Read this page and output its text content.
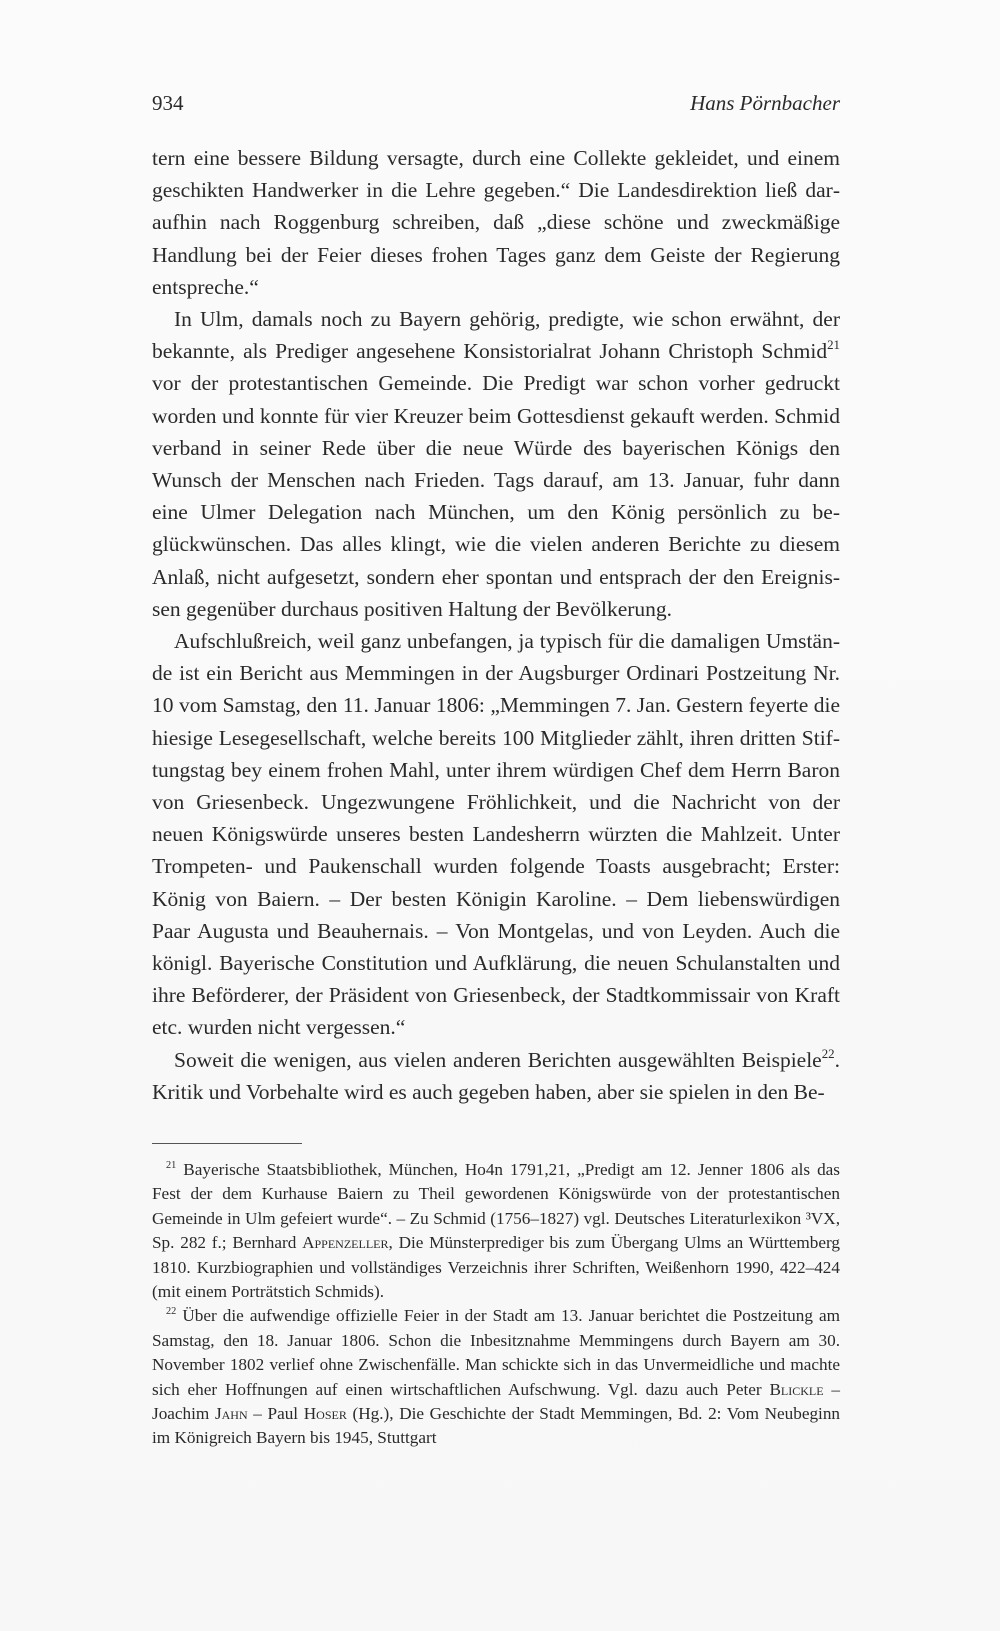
934	Hans Pörnbacher

tern eine bessere Bildung versagte, durch eine Collekte gekleidet, und einem geschikten Handwerker in die Lehre gegeben.“ Die Landesdirektion ließ daraufhin nach Roggenburg schreiben, daß „diese schöne und zweckmäßige Handlung bei der Feier dieses frohen Tages ganz dem Geiste der Regierung entspreche.“

In Ulm, damals noch zu Bayern gehörig, predigte, wie schon erwähnt, der bekannte, als Prediger angesehene Konsistorialrat Johann Christoph Schmid$^{21}$ vor der protestantischen Gemeinde. Die Predigt war schon vorher gedruckt worden und konnte für vier Kreuzer beim Gottesdienst gekauft werden. Schmid verband in seiner Rede über die neue Würde des bayerischen Königs den Wunsch der Menschen nach Frieden. Tags darauf, am 13. Januar, fuhr dann eine Ulmer Delegation nach München, um den König persönlich zu beglückwünschen. Das alles klingt, wie die vielen anderen Berichte zu diesem Anlaß, nicht aufgesetzt, sondern eher spontan und entsprach der den Ereignissen gegenüber durchaus positiven Haltung der Bevölkerung.

Aufschlußreich, weil ganz unbefangen, ja typisch für die damaligen Umstände ist ein Bericht aus Memmingen in der Augsburger Ordinari Postzeitung Nr. 10 vom Samstag, den 11. Januar 1806: „Memmingen 7. Jan. Gestern feyerte die hiesige Lesegesellschaft, welche bereits 100 Mitglieder zählt, ihren dritten Stiftungstag bey einem frohen Mahl, unter ihrem würdigen Chef dem Herrn Baron von Griesenbeck. Ungezwungene Fröhlichkeit, und die Nachricht von der neuen Königswürde unseres besten Landesherrn würzten die Mahlzeit. Unter Trompeten- und Paukenschall wurden folgende Toasts ausgebracht; Erster: König von Baiern. – Der besten Königin Karoline. – Dem liebenswürdigen Paar Augusta und Beauhernais. – Von Montgelas, und von Leyden. Auch die königl. Bayerische Constitution und Aufklärung, die neuen Schulanstalten und ihre Beförderer, der Präsident von Griesenbeck, der Stadtkommissair von Kraft etc. wurden nicht vergessen.“

Soweit die wenigen, aus vielen anderen Berichten ausgewählten Beispiele$^{22}$. Kritik und Vorbehalte wird es auch gegeben haben, aber sie spielen in den Be-

$^{21}$ Bayerische Staatsbibliothek, München, Ho4n 1791,21, „Predigt am 12. Jenner 1806 als das Fest der dem Kurhause Baiern zu Theil gewordenen Königswürde von der protestantischen Gemeinde in Ulm gefeiert wurde“. – Zu Schmid (1756–1827) vgl. Deutsches Literaturlexikon ³VX, Sp. 282 f.; Bernhard Appenzeller, Die Münsterprediger bis zum Übergang Ulms an Württemberg 1810. Kurzbiographien und vollständiges Verzeichnis ihrer Schriften, Weißenhorn 1990, 422–424 (mit einem Porträtstich Schmids).

$^{22}$ Über die aufwendige offizielle Feier in der Stadt am 13. Januar berichtet die Postzeitung am Samstag, den 18. Januar 1806. Schon die Inbesitznahme Memmingens durch Bayern am 30. November 1802 verlief ohne Zwischenfälle. Man schickte sich in das Unvermeidliche und machte sich eher Hoffnungen auf einen wirtschaftlichen Aufschwung. Vgl. dazu auch Peter Blickle – Joachim Jahn – Paul Hoser (Hg.), Die Geschichte der Stadt Memmingen, Bd. 2: Vom Neubeginn im Königreich Bayern bis 1945, Stuttgart
